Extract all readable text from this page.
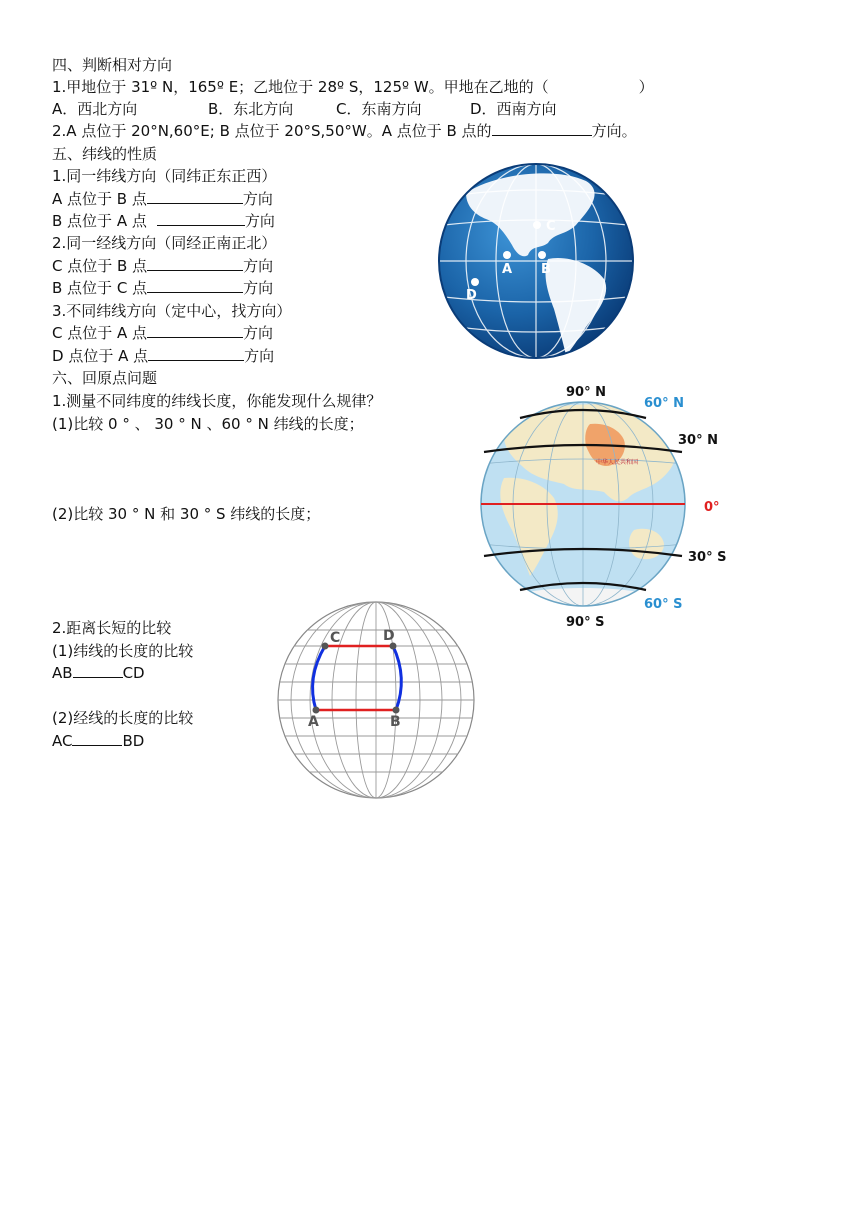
四、判断相对方向
1.甲地位于 31º N，165º E；乙地位于 28º S，125º W。甲地在乙地的（　　　　　　）
A．西北方向	B．东北方向	C．东南方向	D．西南方向
2.A 点位于 20°N,60°E; B 点位于 20°S,50°W。A 点位于 B 点的	方向。
五、纬线的性质
1.同一纬线方向（同纬正东正西）
A 点位于 B 点	方向
B 点位于 A 点	方向
2.同一经线方向（同经正南正北）
C 点位于 B 点	方向
B 点位于 C 点	方向
3.不同纬线方向（定中心，找方向）
C 点位于 A 点	方向
D 点位于 A 点	方向
C
A B
D
六、回原点问题
1.测量不同纬度的纬线长度，你能发现什么规律？
(1)比较 0 ° 、 30 ° N 、60 ° N 纬线的长度；
(2)比较 30 ° N 和 30 ° S 纬线的长度；
中华人民共和国
90° N
60° N
30° N
0°
30° S
60° S
90° S
2.距离长短的比较
(1)纬线的长度的比较
AB	CD
(2)经线的长度的比较
AC	BD
C	D
A	B
